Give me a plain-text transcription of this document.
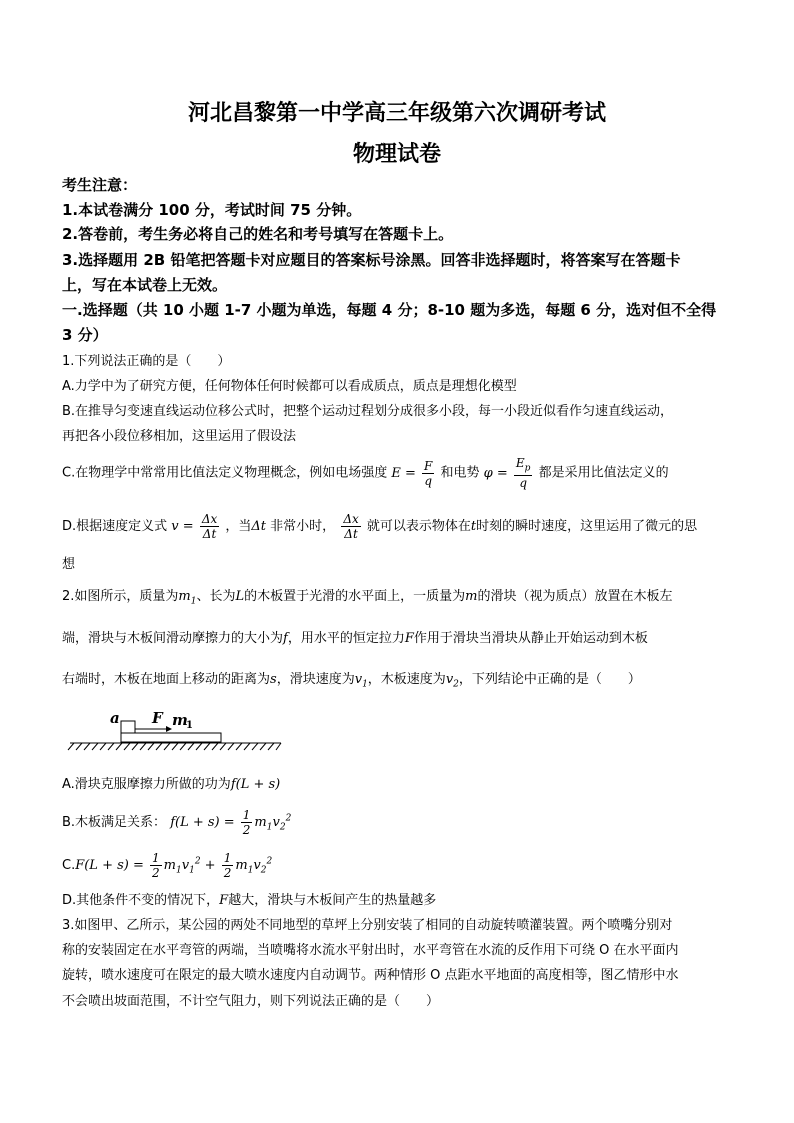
河北昌黎第一中学高三年级第六次调研考试
物理试卷
考生注意：
1.本试卷满分 100 分，考试时间 75 分钟。
2.答卷前，考生务必将自己的姓名和考号填写在答题卡上。
3.选择题用 2B 铅笔把答题卡对应题目的答案标号涂黑。回答非选择题时，将答案写在答题卡
上，写在本试卷上无效。
一.选择题（共 10 小题 1-7 小题为单选，每题 4 分；8-10 题为多选，每题 6 分，选对但不全得
3 分）
1.下列说法正确的是（　　）
A.力学中为了研究方便，任何物体任何时候都可以看成质点，质点是理想化模型
B.在推导匀变速直线运动位移公式时，把整个运动过程划分成很多小段，每一小段近似看作匀速直线运动，
再把各小段位移相加，这里运用了假设法
C.在物理学中常常用比值法定义物理概念，例如电场强度 $E = \frac{F}{q}$ 和电势 $\varphi = \frac{E_p}{q}$ 都是采用比值法定义的
D.根据速度定义式 $v = \frac{\Delta x}{\Delta t}$ ，当Δt 非常小时， $\frac{\Delta x}{\Delta t}$ 就可以表示物体在t时刻的瞬时速度，这里运用了微元的思
想
2.如图所示，质量为$m_1$、长为L的木板置于光滑的水平面上，一质量为m的滑块（视为质点）放置在木板左
端，滑块与木板间滑动摩擦力的大小为f，用水平的恒定拉力F作用于滑块当滑块从静止开始运动到木板
右端时，木板在地面上移动的距离为s，滑块速度为$v_1$，木板速度为$v_2$，下列结论中正确的是（　　）
a F m
1
A.滑块克服摩擦力所做的功为f(L + s)
B.木板满足关系： $f(L + s) = \frac{1}{2} m_1v_2^2$
$C.F(L + s) = \frac{1}{2} m_1v_1^2 + \frac{1}{2} m_1v_2^2$
D.其他条件不变的情况下，F越大，滑块与木板间产生的热量越多
3.如图甲、乙所示，某公园的两处不同地型的草坪上分别安装了相同的自动旋转喷灌装置。两个喷嘴分别对
称的安装固定在水平弯管的两端，当喷嘴将水流水平射出时，水平弯管在水流的反作用下可绕 O 在水平面内
旋转，喷水速度可在限定的最大喷水速度内自动调节。两种情形 O 点距水平地面的高度相等，图乙情形中水
不会喷出坡面范围，不计空气阻力，则下列说法正确的是（　　）
